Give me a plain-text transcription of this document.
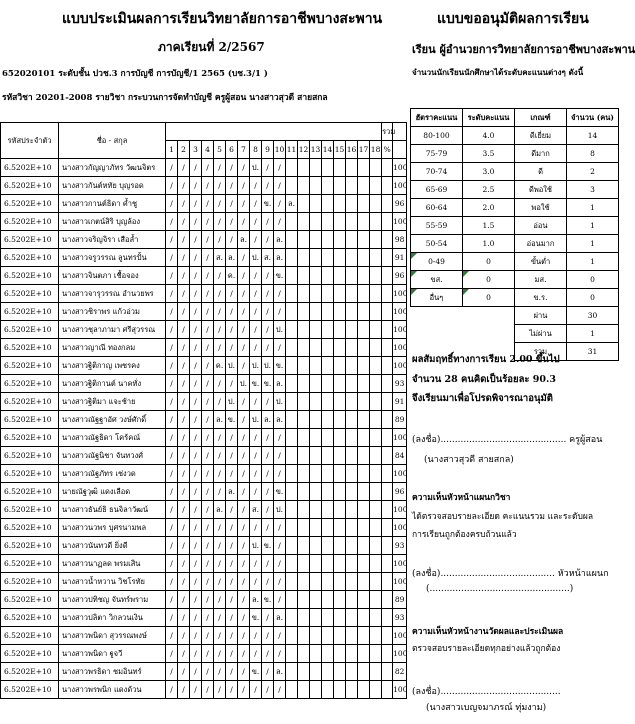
แบบประเมินผลการเรียนวิทยาลัยการอาชีพบางสะพาน
ภาคเรียนที่ 2/2567
652020101 ระดับชั้น ปวช.3 การบัญชี การบัญชี/1 2565 (บช.3/1 )
รหัสวิชา 20201-2008 รายวิชา กระบวนการจัดทำบัญชี ครูผู้สอน นางสาวสุวดี สายสกล
แบบขออนุมัติผลการเรียน
เรียน ผู้อำนวยการวิทยาลัยการอาชีพบางสะพาน
จำนวนนักเรียนนักศึกษาได้ระดับคะแนนต่างๆ ดังนี้
รหัสประจำตัว	ชื่อ - สกุล																			รวม	
		1	2	3	4	5	6	7	8	9	10	11	12	13	14	15	16	17	18	%	
6.5202E+10	นางสาวกัญญาภัทร วัฒนจิตร	/	/	/	/	/	/	/	ป.	/	/										100
6.5202E+10	นางสาวกันต์หทัย บุญรอด	/	/	/	/	/	/	/	/	/	/										100
6.5202E+10	นางสาวกานต์ธิดา ค้ำชู	/	/	/	/	/	/	/	/	ข.	/	ล.									96
6.5202E+10	นางสาวเกตน์สิริ บุญล้อง	/	/	/	/	/	/	/	/	/	/										100
6.5202E+10	นางสาวจริญจิรา เสือล้ำ	/	/	/	/	/	/	ล.	/	/	ล.										98
6.5202E+10	นางสาวจรูวรรณ ลูนทรปั้น	/	/	/	/	ส.	ล.	/	ป.	ส.	ล.										91
6.5202E+10	นางสาวจินตภา เชื้อจอง	/	/	/	/	/	ค.	/	/	/	ข.										96
6.5202E+10	นางสาวจารุวรรณ อำนวยพร	/	/	/	/	/	/	/	/	/	/										100
6.5202E+10	นางสาวชิราพร แก้วอ่วม	/	/	/	/	/	/	/	/	/	/										100
6.5202E+10	นางสาวชุลาภามา ศรีสุวรรณ	/	/	/	/	/	/	/	/	/	ป.										100
6.5202E+10	นางสาวญาณี ทองกลม	/	/	/	/	/	/	/	/	/	/										100
6.5202E+10	นางสาวฐิติกาญ เพชรคง	/	/	/	/	ค.	ป.	/	ป.	ป.	ข.										100
6.5202E+10	นางสาวฐิติกานต์ นาคทั่ง	/	/	/	/	/	/	ป.	ข.	ข.	ล.										93
6.5202E+10	นางสาวฐิติมา แจะช้าย	/	/	/	/	/	ป.	/	/	/	ป.										91
6.5202E+10	นางสาวณัฐฐาอัศ วงษ์ศักดิ์	/	/	/	/	ล.	ข.	/	ป.	ล.	ล.										89
6.5202E+10	นางสาวณัฐธิดา โคร้คณ์	/	/	/	/	/	/	/	/	/	/										100
6.5202E+10	นางสาวณัฐนิชา จันทวงศ์	/	/	/	/	/	/	/	/	/	/										84
6.5202E+10	นางสาวณัฐภัทร เช่งวด	/	/	/	/	/	/	/	/	/	/										100
6.5202E+10	นายณัฐวุฒิ แดงเลือด	/	/	/	/	/	ล.	/	/	/	ข.										96
6.5202E+10	นางสาวธันย์ธิ ธนจิลาวัฒน์	/	/	/	/	ล.	/	/	ส.	/	ป.										100
6.5202E+10	นางสาวนวพร บุศรนามพล	/	/	/	/	/	/	/	/	/	/										100
6.5202E+10	นางสาวนันทวดี ยิ่งดี	/	/	/	/	/	/	/	ป.	ข.	/										93
6.5202E+10	นางสาวนาฏลด พรมเสิน	/	/	/	/	/	/	/	/	/	/										100
6.5202E+10	นางสาวน้ำหวาน วิชโรทัย	/	/	/	/	/	/	/	/	/	/										100
6.5202E+10	นางสาวปทิชญ จันทร์พราม	/	/	/	/	/	/	/	ล.	ข.	/										89
6.5202E+10	นางสาวปลิตา วิกลวนเงิน	/	/	/	/	/	/	/	ข.	/	ล.										93
6.5202E+10	นางสาวพนิดา สุวรรณพงษ์	/	/	/	/	/	/	/	/	/	/										100
6.5202E+10	นางสาวพนิดา ฐูจวี	/	/	/	/	/	/	/	/	/	/										100
6.5202E+10	นางสาวพรธิดา ชมอินทร์	/	/	/	/	/	/	/	ข.	/	ล.										82
6.5202E+10	นางสาวพรพนิก แดงด้วน	/	/	/	/	/	/	/	/	/	/										100
ฮัตราคะแนน	ระดับคะแนน	เกณฑ์	จำนวน (คน)
80-100	4.0	ดีเยี่ยม	14
75-79	3.5	ดีมาก	8
70-74	3.0	ดี	2
65-69	2.5	ดีพอใช้	3
60-64	2.0	พอใช้	1
55-59	1.5	อ่อน	1
50-54	1.0	อ่อนมาก	1
0-49	0	ขั้นต่ำ	1
ขส.	0	มส.	0
อื่นๆ	0	ข.ร.	0
		ผ่าน	30
		ไม่ผ่าน	1
		รวม	31
ผลสัมฤทธิ์ทางการเรียน 2.00 ขึ้นไป
จำนวน 28 คนคิดเป็นร้อยละ 90.3
จึงเรียนมาเพื่อโปรดพิจารณาอนุมัติ
(ลงชื่อ)............................................ ครูผู้สอน
(นางสาวสุวดี สายสกล)
ความเห็นหัวหน้าแผนกวิชา
ได้ตรวจสอบรายละเอียด คะแนนรวม และระดับผล
การเรียนถูกต้องครบถ้วนแล้ว
(ลงชื่อ)........................................ หัวหน้าแผนก
(.................................................)
ความเห็นหัวหน้างานวัดผลและประเมินผล
ตรวจสอบรายละเอียดทุกอย่างแล้วถูกต้อง
(ลงชื่อ)..........................................
(นางสาวเบญจมาภรณ์ ทุ่มงาม)
